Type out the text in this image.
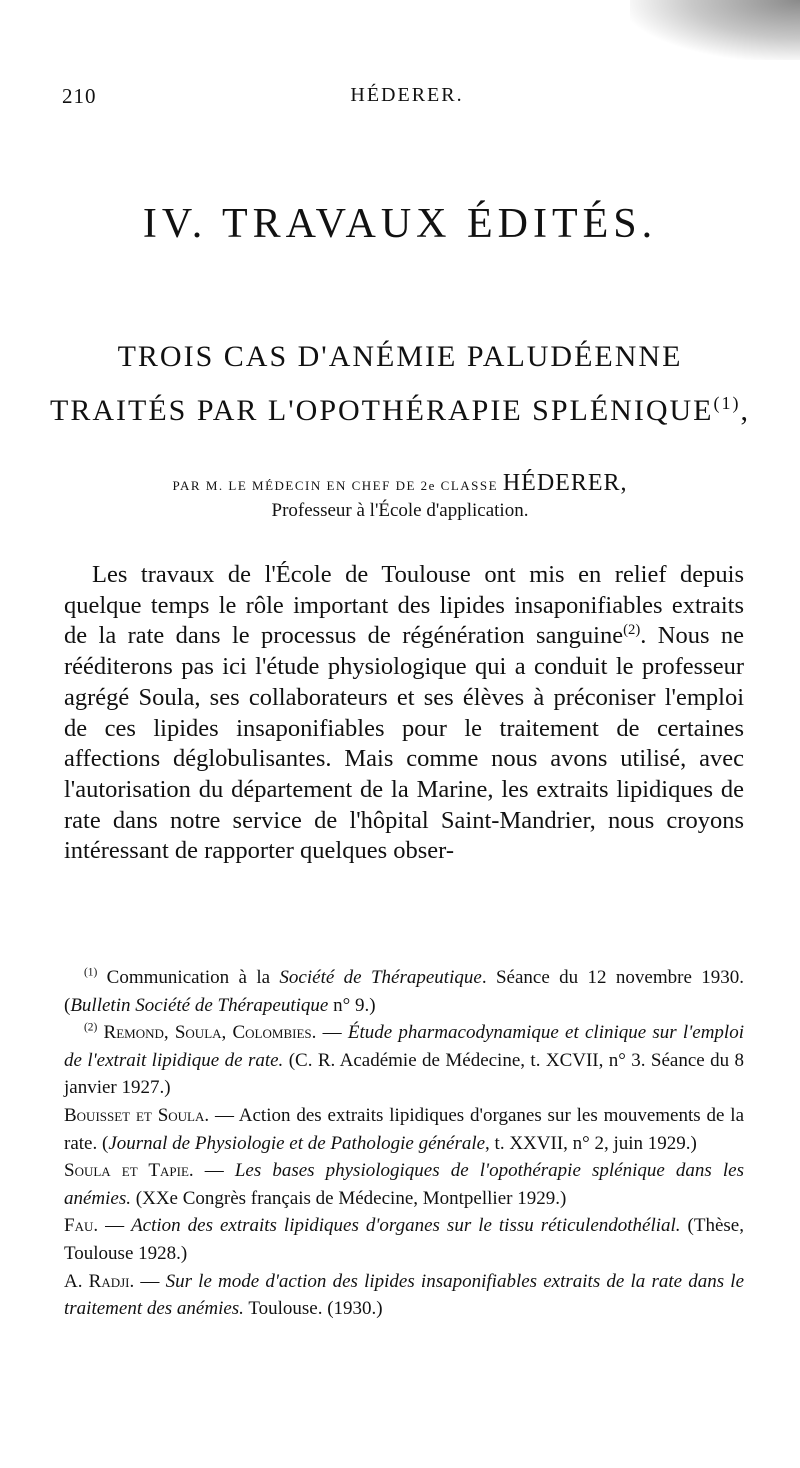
210	HÉDERER.
IV. TRAVAUX ÉDITÉS.
TROIS CAS D'ANÉMIE PALUDÉENNE
TRAITÉS PAR L'OPOTHÉRAPIE SPLÉNIQUE$^{(1)}$,
PAR M. LE MÉDECIN EN CHEF DE 2e CLASSE HÉDERER,
Professeur à l'École d'application.

Les travaux de l'École de Toulouse ont mis en relief depuis quelque temps le rôle important des lipides insaponifiables extraits de la rate dans le processus de régénération sanguine$^{(2)}$. Nous ne rééditerons pas ici l'étude physiologique qui a conduit le professeur agrégé Soula, ses collaborateurs et ses élèves à préconiser l'emploi de ces lipides insaponifiables pour le traitement de certaines affections déglobulisantes. Mais comme nous avons utilisé, avec l'autorisation du département de la Marine, les extraits lipidiques de rate dans notre service de l'hôpital Saint-Mandrier, nous croyons intéressant de rapporter quelques obser-

$^{(1)}$ Communication à la Société de Thérapeutique. Séance du 12 novembre 1930. (Bulletin Société de Thérapeutique n° 9.)

$^{(2)}$ Remond, Soula, Colombies. — Étude pharmacodynamique et clinique sur l'emploi de l'extrait lipidique de rate. (C. R. Académie de Médecine, t. XCVII, n° 3. Séance du 8 janvier 1927.)

Bouisset et Soula. — Action des extraits lipidiques d'organes sur les mouvements de la rate. (Journal de Physiologie et de Pathologie générale, t. XXVII, n° 2, juin 1929.)

Soula et Tapie. — Les bases physiologiques de l'opothérapie splénique dans les anémies. (XXe Congrès français de Médecine, Montpellier 1929.)

Fau. — Action des extraits lipidiques d'organes sur le tissu réticulendothélial. (Thèse, Toulouse 1928.)

A. Radji. — Sur le mode d'action des lipides insaponifiables extraits de la rate dans le traitement des anémies. Toulouse. (1930.)
